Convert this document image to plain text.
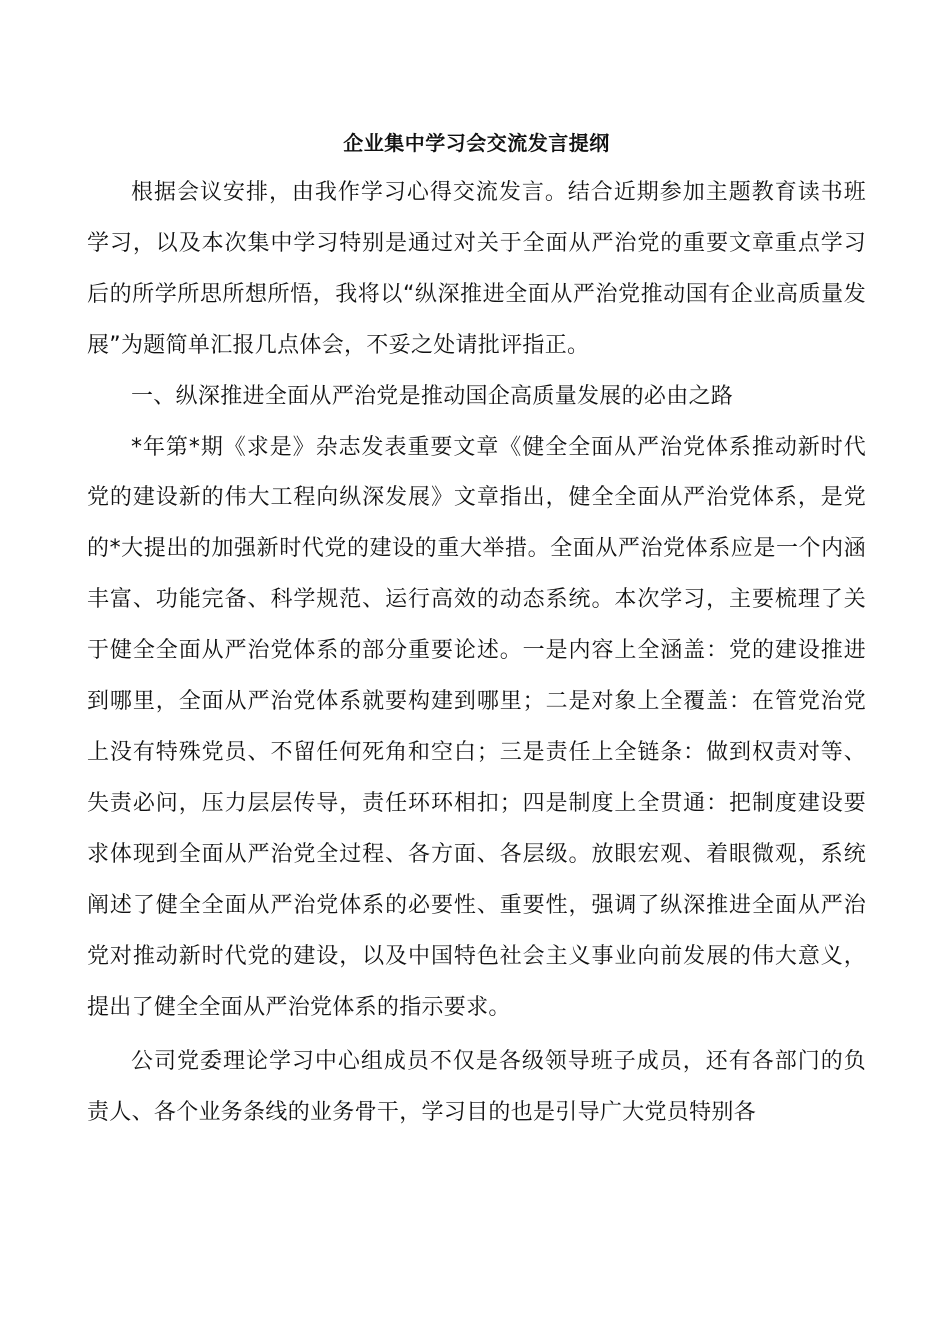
企业集中学习会交流发言提纲

根据会议安排，由我作学习心得交流发言。结合近期参加主题教育读书班学习，以及本次集中学习特别是通过对关于全面从严治党的重要文章重点学习后的所学所思所想所悟，我将以“纵深推进全面从严治党推动国有企业高质量发展”为题简单汇报几点体会，不妥之处请批评指正。

一、纵深推进全面从严治党是推动国企高质量发展的必由之路

*年第*期《求是》杂志发表重要文章《健全全面从严治党体系推动新时代党的建设新的伟大工程向纵深发展》文章指出，健全全面从严治党体系，是党的*大提出的加强新时代党的建设的重大举措。全面从严治党体系应是一个内涵丰富、功能完备、科学规范、运行高效的动态系统。本次学习，主要梳理了关于健全全面从严治党体系的部分重要论述。一是内容上全涵盖：党的建设推进到哪里，全面从严治党体系就要构建到哪里；二是对象上全覆盖：在管党治党上没有特殊党员、不留任何死角和空白；三是责任上全链条：做到权责对等、失责必问，压力层层传导，责任环环相扣；四是制度上全贯通：把制度建设要求体现到全面从严治党全过程、各方面、各层级。放眼宏观、着眼微观，系统阐述了健全全面从严治党体系的必要性、重要性，强调了纵深推进全面从严治党对推动新时代党的建设，以及中国特色社会主义事业向前发展的伟大意义，提出了健全全面从严治党体系的指示要求。

公司党委理论学习中心组成员不仅是各级领导班子成员，还有各部门的负责人、各个业务条线的业务骨干，学习目的也是引导广大党员特别各
